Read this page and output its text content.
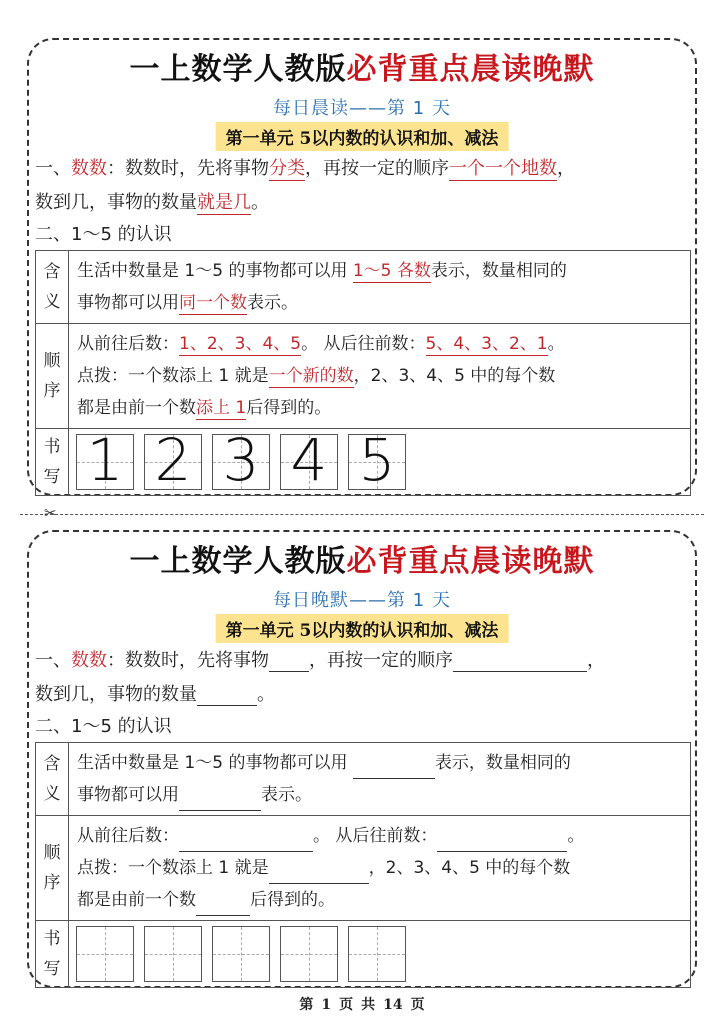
一上数学人教版必背重点晨读晚默
每日晨读——第 1 天
第一单元 5以内数的认识和加、减法
一、数数：数数时，先将事物分类，再按一定的顺序一个一个地数，
数到几，事物的数量就是几。
二、1～5 的认识
含义	生活中数量是 1～5 的事物都可以用 1～5 各数表示，数量相同的
事物都可以用同一个数表示。

顺序	从前往后数：1、2、3、4、5。 从后往前数：5、4、3、2、1。
点拨：一个数添上 1 就是一个新的数，2、3、4、5 中的每个数
都是由前一个数添上 1后得到的。

书写	1 2 3 4 5
✂
一上数学人教版必背重点晨读晚默
每日晚默——第 1 天
第一单元 5以内数的认识和加、减法
一、数数：数数时，先将事物 ，再按一定的顺序	，
数到几，事物的数量	。
二、1～5 的认识
含义	生活中数量是 1～5 的事物都可以用 表示，数量相同的
事物都可以用 表示。

顺序	从前往后数： 。 从后往前数： 。
点拨：一个数添上 1 就是 ，2、3、4、5 中的每个数
都是由前一个数 后得到的。

书写	
第 1 页 共 14 页
